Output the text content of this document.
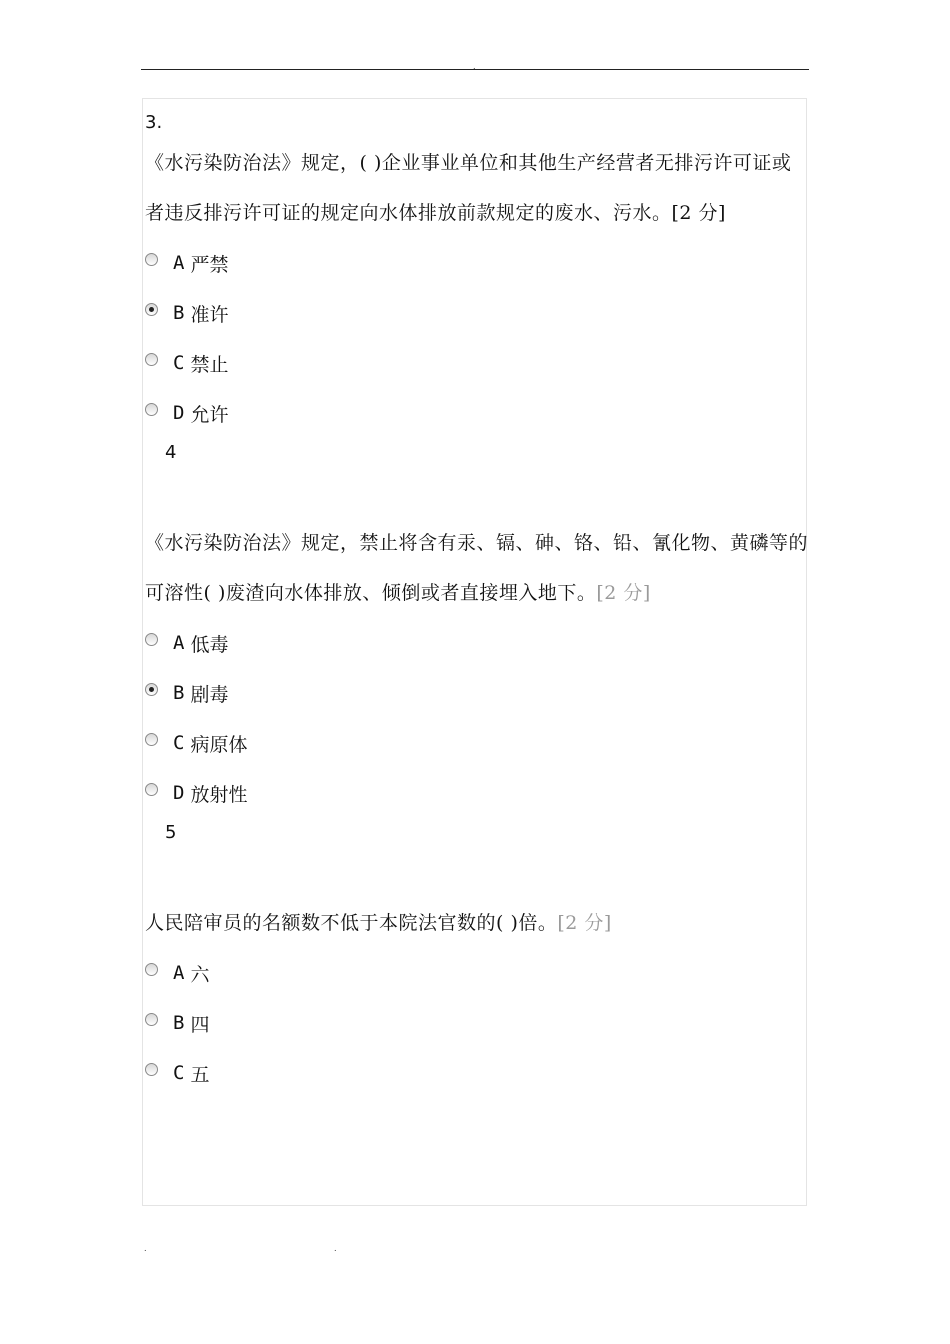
.
3.

《水污染防治法》规定，( )企业事业单位和其他生产经营者无排污许可证或者违反排污许可证的规定向水体排放前款规定的废水、污水。[2 分]

A 严禁
B 准许
C 禁止
D 允许
4

《水污染防治法》规定，禁止将含有汞、镉、砷、铬、铅、氰化物、黄磷等的可溶性( )废渣向水体排放、倾倒或者直接埋入地下。[2 分]

A 低毒
B 剧毒
C 病原体
D 放射性
5

人民陪审员的名额数不低于本院法官数的( )倍。[2 分]

A 六
B 四
C 五
.	.
